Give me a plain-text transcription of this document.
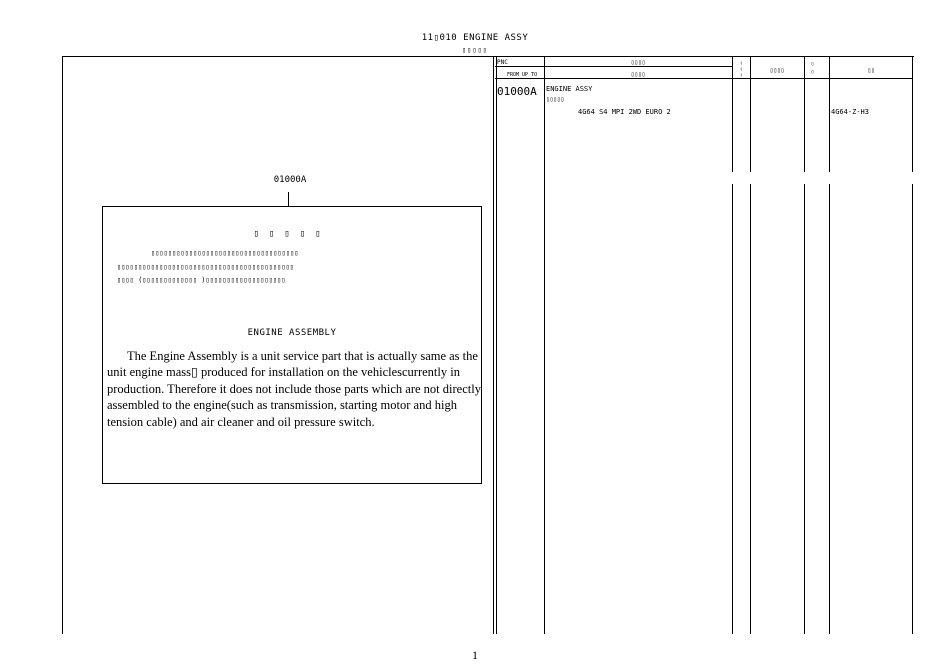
11▯010 ENGINE ASSY
▯▯▯▯▯
01000A
▯▯▯▯▯
▯▯▯▯▯▯▯▯▯▯▯▯▯▯▯▯▯▯▯▯▯▯▯▯▯▯▯▯▯▯▯▯▯▯▯
▯▯▯▯▯▯▯▯▯▯▯▯▯▯▯▯▯▯▯▯▯▯▯▯▯▯▯▯▯▯▯▯▯▯▯▯▯▯▯▯▯▯
▯▯▯▯ (▯▯▯▯▯▯▯▯▯▯▯▯▯ )▯▯▯▯▯▯▯▯▯▯▯▯▯▯▯▯▯▯▯
ENGINE ASSEMBLY

The Engine Assembly is a unit service part that is actually same as the unit engine mass▯ produced for installation on the vehiclescurrently in production. Therefore it does not include those parts which are not directly assembled to the engine(such as transmission, starting motor and high tension cable) and air cleaner and oil pressure switch.

PNC
FROM UP TO
▯▯▯▯
▯▯▯▯
▯
▯
▯
▯▯▯▯
▯
▯	▯▯
01000A ENGINE ASSY
▯▯▯▯▯
4G64 S4 MPI 2WD EURO 2	4G64-Z-H3
1
